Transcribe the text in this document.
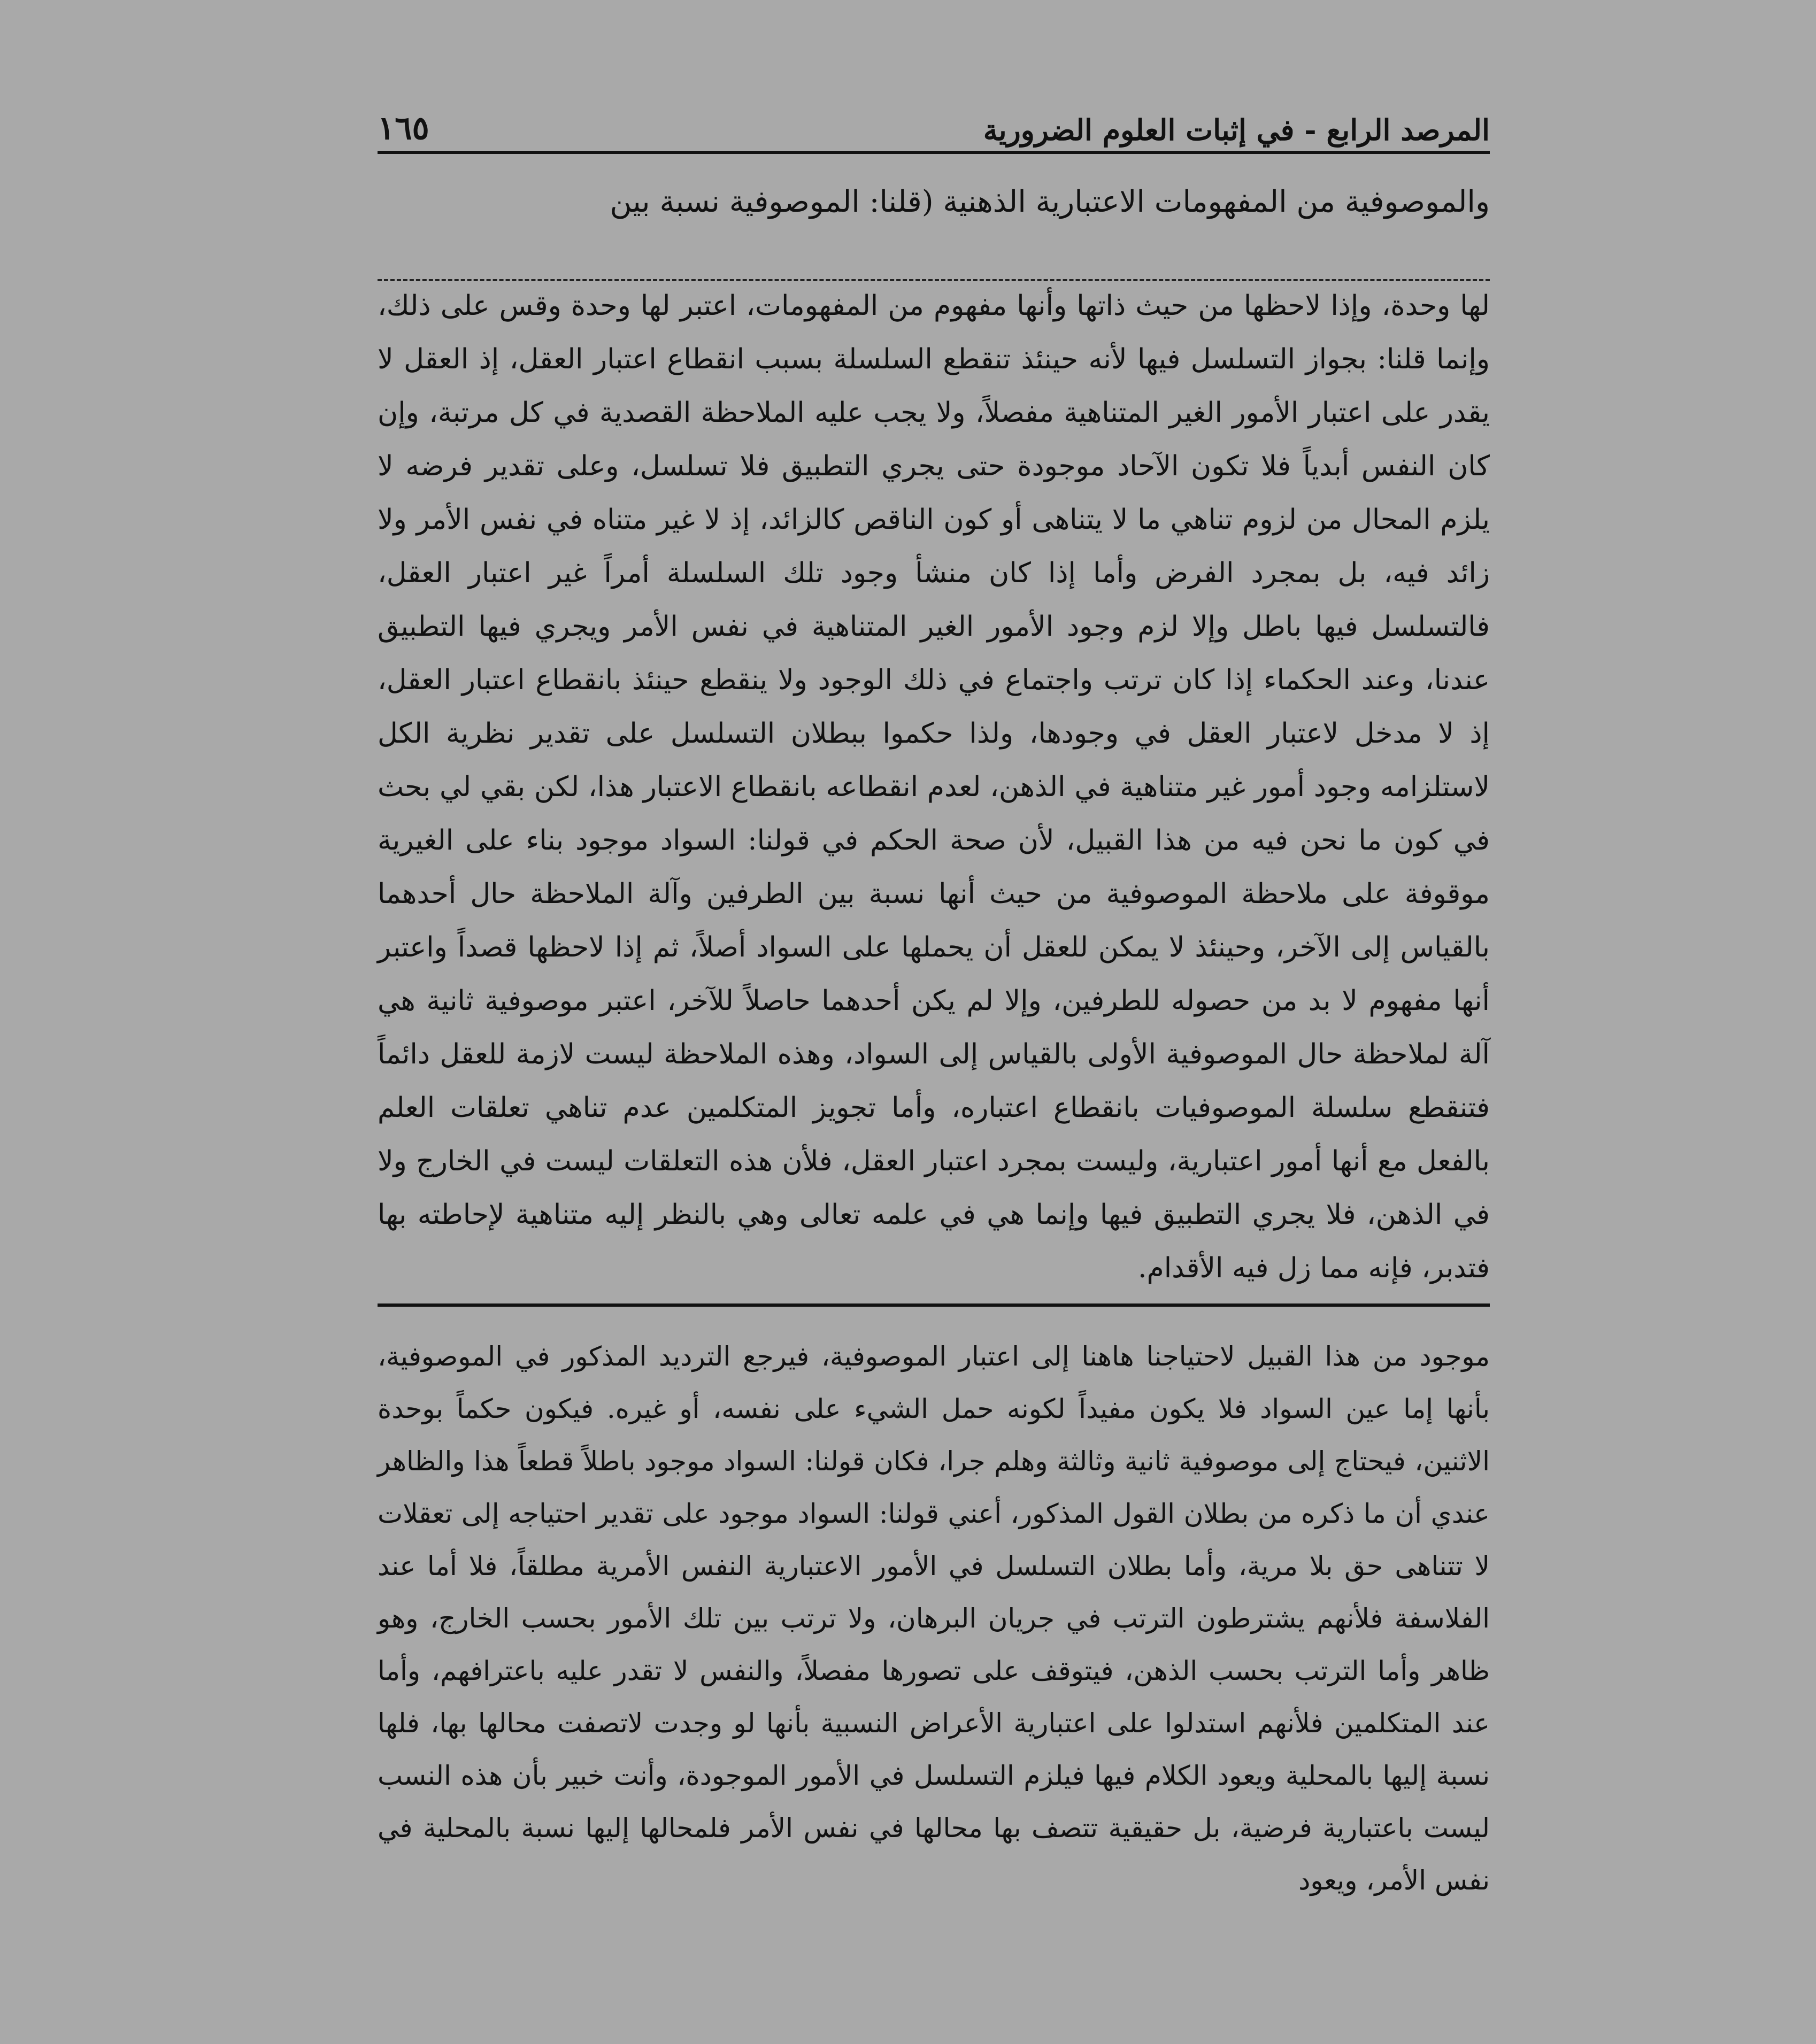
المرصد الرابع - في إثبات العلوم الضرورية
١٦٥
والموصوفية من المفهومات الاعتبارية الذهنية (قلنا: الموصوفية نسبة بين

لها وحدة، وإذا لاحظها من حيث ذاتها وأنها مفهوم من المفهومات، اعتبر لها وحدة وقس على ذلك، وإنما قلنا: بجواز التسلسل فيها لأنه حينئذ تنقطع السلسلة بسبب انقطاع اعتبار العقل، إذ العقل لا يقدر على اعتبار الأمور الغير المتناهية مفصلاً، ولا يجب عليه الملاحظة القصدية في كل مرتبة، وإن كان النفس أبدياً فلا تكون الآحاد موجودة حتى يجري التطبيق فلا تسلسل، وعلى تقدير فرضه لا يلزم المحال من لزوم تناهي ما لا يتناهى أو كون الناقص كالزائد، إذ لا غير متناه في نفس الأمر ولا زائد فيه، بل بمجرد الفرض وأما إذا كان منشأ وجود تلك السلسلة أمراً غير اعتبار العقل، فالتسلسل فيها باطل وإلا لزم وجود الأمور الغير المتناهية في نفس الأمر ويجري فيها التطبيق عندنا، وعند الحكماء إذا كان ترتب واجتماع في ذلك الوجود ولا ينقطع حينئذ بانقطاع اعتبار العقل، إذ لا مدخل لاعتبار العقل في وجودها، ولذا حكموا ببطلان التسلسل على تقدير نظرية الكل لاستلزامه وجود أمور غير متناهية في الذهن، لعدم انقطاعه بانقطاع الاعتبار هذا، لكن بقي لي بحث في كون ما نحن فيه من هذا القبيل، لأن صحة الحكم في قولنا: السواد موجود بناء على الغيرية موقوفة على ملاحظة الموصوفية من حيث أنها نسبة بين الطرفين وآلة الملاحظة حال أحدهما بالقياس إلى الآخر، وحينئذ لا يمكن للعقل أن يحملها على السواد أصلاً، ثم إذا لاحظها قصداً واعتبر أنها مفهوم لا بد من حصوله للطرفين، وإلا لم يكن أحدهما حاصلاً للآخر، اعتبر موصوفية ثانية هي آلة لملاحظة حال الموصوفية الأولى بالقياس إلى السواد، وهذه الملاحظة ليست لازمة للعقل دائماً فتنقطع سلسلة الموصوفيات بانقطاع اعتباره، وأما تجويز المتكلمين عدم تناهي تعلقات العلم بالفعل مع أنها أمور اعتبارية، وليست بمجرد اعتبار العقل، فلأن هذه التعلقات ليست في الخارج ولا في الذهن، فلا يجري التطبيق فيها وإنما هي في علمه تعالى وهي بالنظر إليه متناهية لإحاطته بها فتدبر، فإنه مما زل فيه الأقدام.

موجود من هذا القبيل لاحتياجنا هاهنا إلى اعتبار الموصوفية، فيرجع الترديد المذكور في الموصوفية، بأنها إما عين السواد فلا يكون مفيداً لكونه حمل الشيء على نفسه، أو غيره. فيكون حكماً بوحدة الاثنين، فيحتاج إلى موصوفية ثانية وثالثة وهلم جرا، فكان قولنا: السواد موجود باطلاً قطعاً هذا والظاهر عندي أن ما ذكره من بطلان القول المذكور، أعني قولنا: السواد موجود على تقدير احتياجه إلى تعقلات لا تتناهى حق بلا مرية، وأما بطلان التسلسل في الأمور الاعتبارية النفس الأمرية مطلقاً، فلا أما عند الفلاسفة فلأنهم يشترطون الترتب في جريان البرهان، ولا ترتب بين تلك الأمور بحسب الخارج، وهو ظاهر وأما الترتب بحسب الذهن، فيتوقف على تصورها مفصلاً، والنفس لا تقدر عليه باعترافهم، وأما عند المتكلمين فلأنهم استدلوا على اعتبارية الأعراض النسبية بأنها لو وجدت لاتصفت محالها بها، فلها نسبة إليها بالمحلية ويعود الكلام فيها فيلزم التسلسل في الأمور الموجودة، وأنت خبير بأن هذه النسب ليست باعتبارية فرضية، بل حقيقية تتصف بها محالها في نفس الأمر فلمحالها إليها نسبة بالمحلية في نفس الأمر، ويعود
